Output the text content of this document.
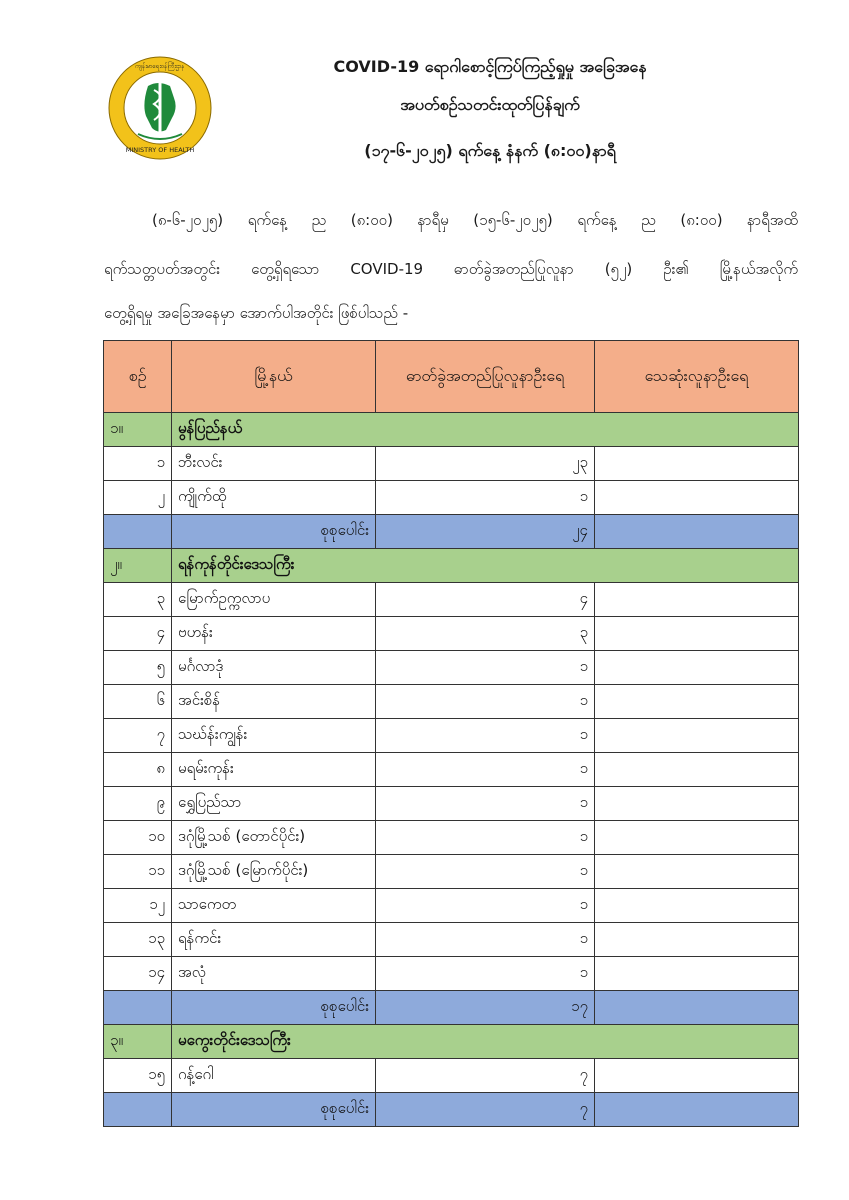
MINISTRY OF HEALTH
ကျန်းမာရေးဝန်ကြီးဌာန	COVID-19 ရောဂါစောင့်ကြပ်ကြည့်ရှုမှု အခြေအနေ
အပတ်စဉ်သတင်းထုတ်ပြန်ချက်
(၁၇-၆-၂၀၂၅) ရက်နေ့ နံနက် (၈:၀၀)နာရီ
(၈-၆-၂၀၂၅) ရက်နေ့ ည (၈:၀၀) နာရီမှ (၁၅-၆-၂၀၂၅) ရက်နေ့ ည (၈:၀၀) နာရီအထိ
ရက်သတ္တပတ်အတွင်း တွေ့ရှိရသော COVID-19 ဓာတ်ခွဲအတည်ပြုလူနာ (၅၂) ဦး၏ မြို့နယ်အလိုက်
တွေ့ရှိရမှု အခြေအနေမှာ အောက်ပါအတိုင်း ဖြစ်ပါသည် -
စဉ်	မြို့နယ်	ဓာတ်ခွဲအတည်ပြုလူနာဦးရေ	သေဆုံးလူနာဦးရေ
၁။	မွန်ပြည်နယ်		
၁	ဘီးလင်း	၂၃	
၂	ကျိုက်ထို	၁	
	စုစုပေါင်း	၂၄	
၂။	ရန်ကုန်တိုင်းဒေသကြီး		
၃	မြောက်ဥက္ကလာပ	၄	
၄	ဗဟန်း	၃	
၅	မင်္ဂလာဒုံ	၁	
၆	အင်းစိန်	၁	
၇	သဃ်န်းကျွန်း	၁	
၈	မရမ်းကုန်း	၁	
၉	ရွှေပြည်သာ	၁	
၁၀	ဒဂုံမြို့သစ် (တောင်ပိုင်း)	၁	
၁၁	ဒဂုံမြို့သစ် (မြောက်ပိုင်း)	၁	
၁၂	သာကေတ	၁	
၁၃	ရန်ကင်း	၁	
၁၄	အလုံ	၁	
	စုစုပေါင်း	၁၇	
၃။	မကွေးတိုင်းဒေသကြီး		
၁၅	ဂန့်ဂေါ	၇	
	စုစုပေါင်း	၇	
